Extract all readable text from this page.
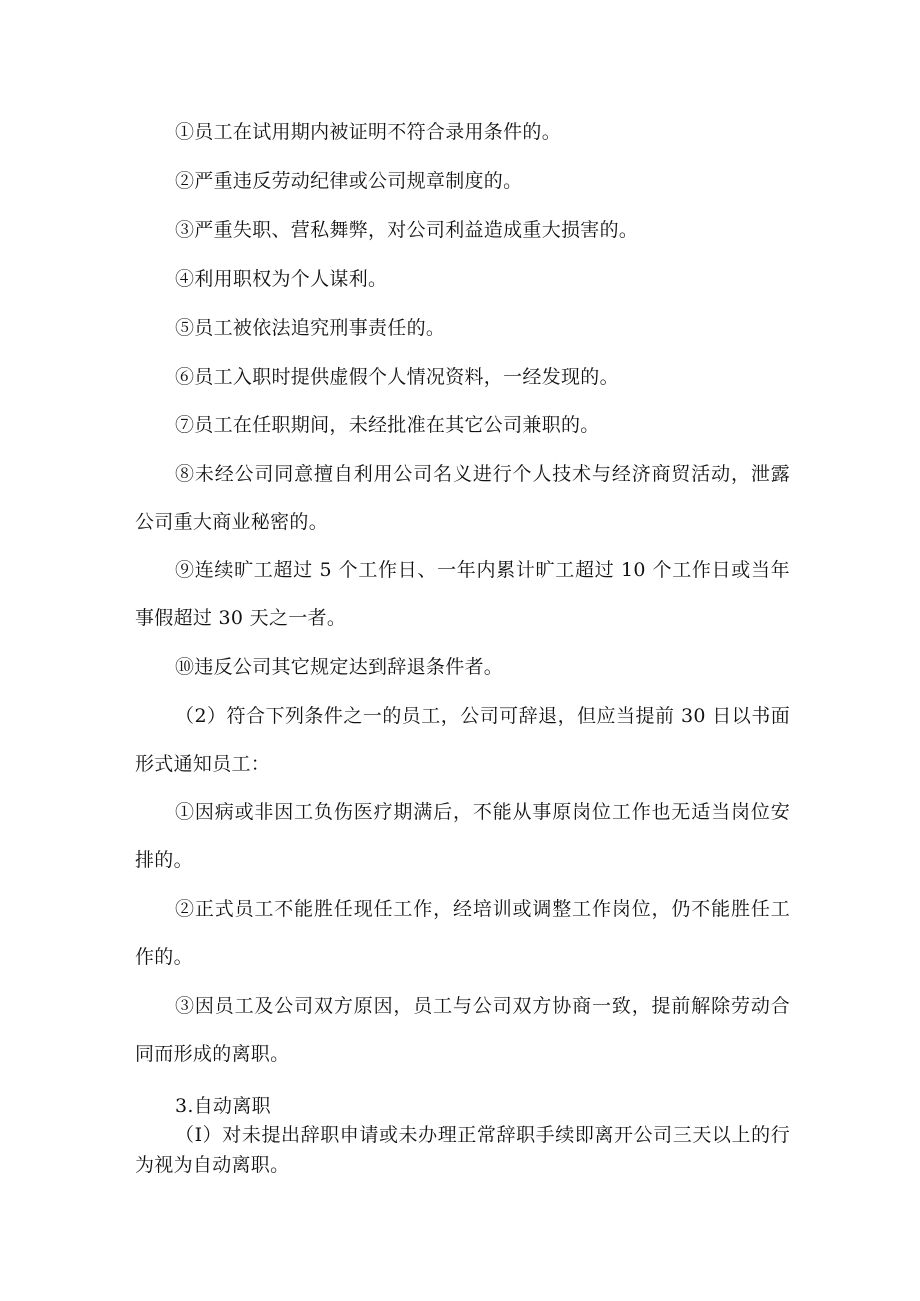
①员工在试用期内被证明不符合录用条件的。

②严重违反劳动纪律或公司规章制度的。

③严重失职、营私舞弊，对公司利益造成重大损害的。

④利用职权为个人谋利。

⑤员工被依法追究刑事责任的。

⑥员工入职时提供虚假个人情况资料，一经发现的。

⑦员工在任职期间，未经批准在其它公司兼职的。

⑧未经公司同意擅自利用公司名义进行个人技术与经济商贸活动，泄露公司重大商业秘密的。

⑨连续旷工超过 5 个工作日、一年内累计旷工超过 10 个工作日或当年事假超过 30 天之一者。

⑩违反公司其它规定达到辞退条件者。

（2）符合下列条件之一的员工，公司可辞退，但应当提前 30 日以书面形式通知员工：

①因病或非因工负伤医疗期满后，不能从事原岗位工作也无适当岗位安排的。

②正式员工不能胜任现任工作，经培训或调整工作岗位，仍不能胜任工作的。

③因员工及公司双方原因，员工与公司双方协商一致，提前解除劳动合同而形成的离职。

3.自动离职

（I）对未提出辞职申请或未办理正常辞职手续即离开公司三天以上的行为视为自动离职。
